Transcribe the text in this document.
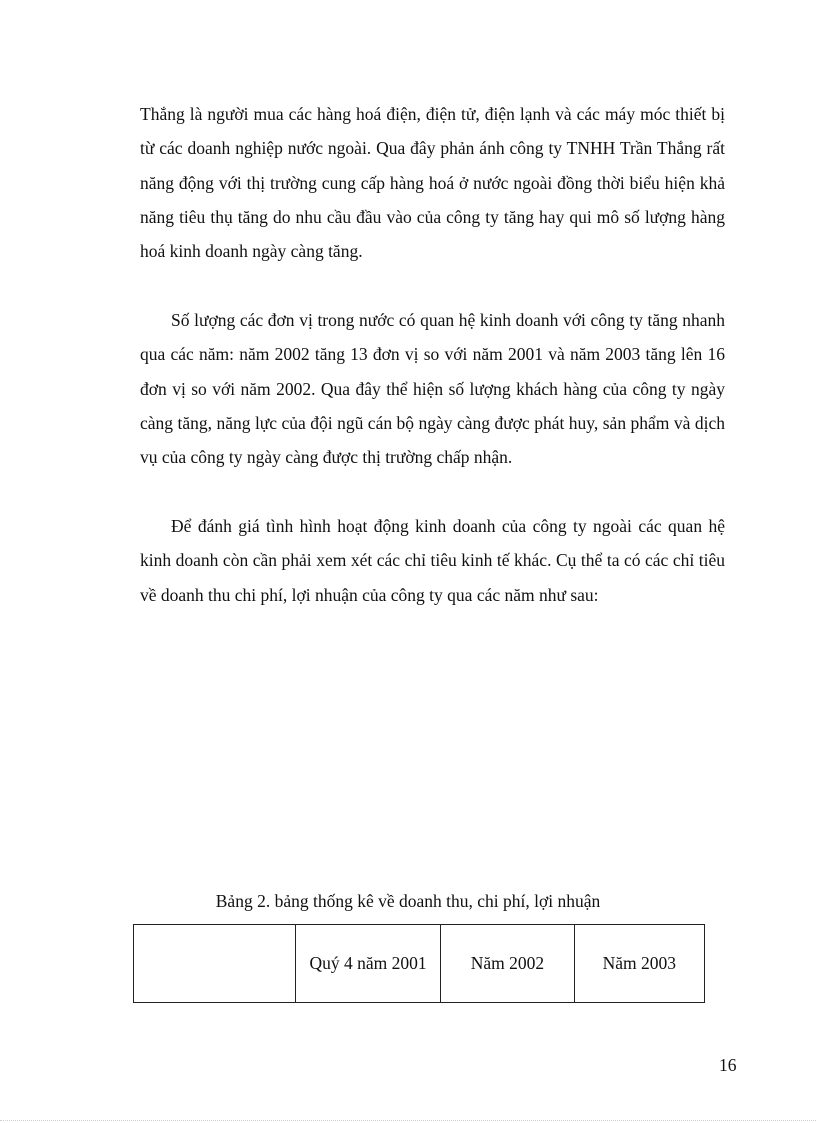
Thắng là người mua các hàng hoá điện, điện tử, điện lạnh và các máy móc thiết bị từ các doanh nghiệp nước ngoài. Qua đây phản ánh công ty TNHH Trần Thắng rất năng động với thị trường cung cấp hàng hoá ở nước ngoài đồng thời biểu hiện khả năng tiêu thụ tăng do nhu cầu đầu vào của công ty tăng hay qui mô số lượng hàng hoá kinh doanh ngày càng tăng.

Số lượng các đơn vị trong nước có quan hệ kinh doanh với công ty tăng nhanh qua các năm: năm 2002 tăng 13 đơn vị so với năm 2001 và năm 2003 tăng lên 16 đơn vị so với năm 2002. Qua đây thể hiện số lượng khách hàng của công ty ngày càng tăng, năng lực của đội ngũ cán bộ ngày càng được phát huy, sản phẩm và dịch vụ của công ty ngày càng được thị trường chấp nhận.

Để đánh giá tình hình hoạt động kinh doanh của công ty ngoài các quan hệ kinh doanh còn cần phải xem xét các chỉ tiêu kinh tế khác. Cụ thể ta có các chỉ tiêu về doanh thu chi phí, lợi nhuận của công ty qua các năm như sau:

Bảng 2. bảng thống kê về doanh thu, chi phí, lợi nhuận
	Quý 4 năm 2001	Năm 2002	Năm 2003
16
